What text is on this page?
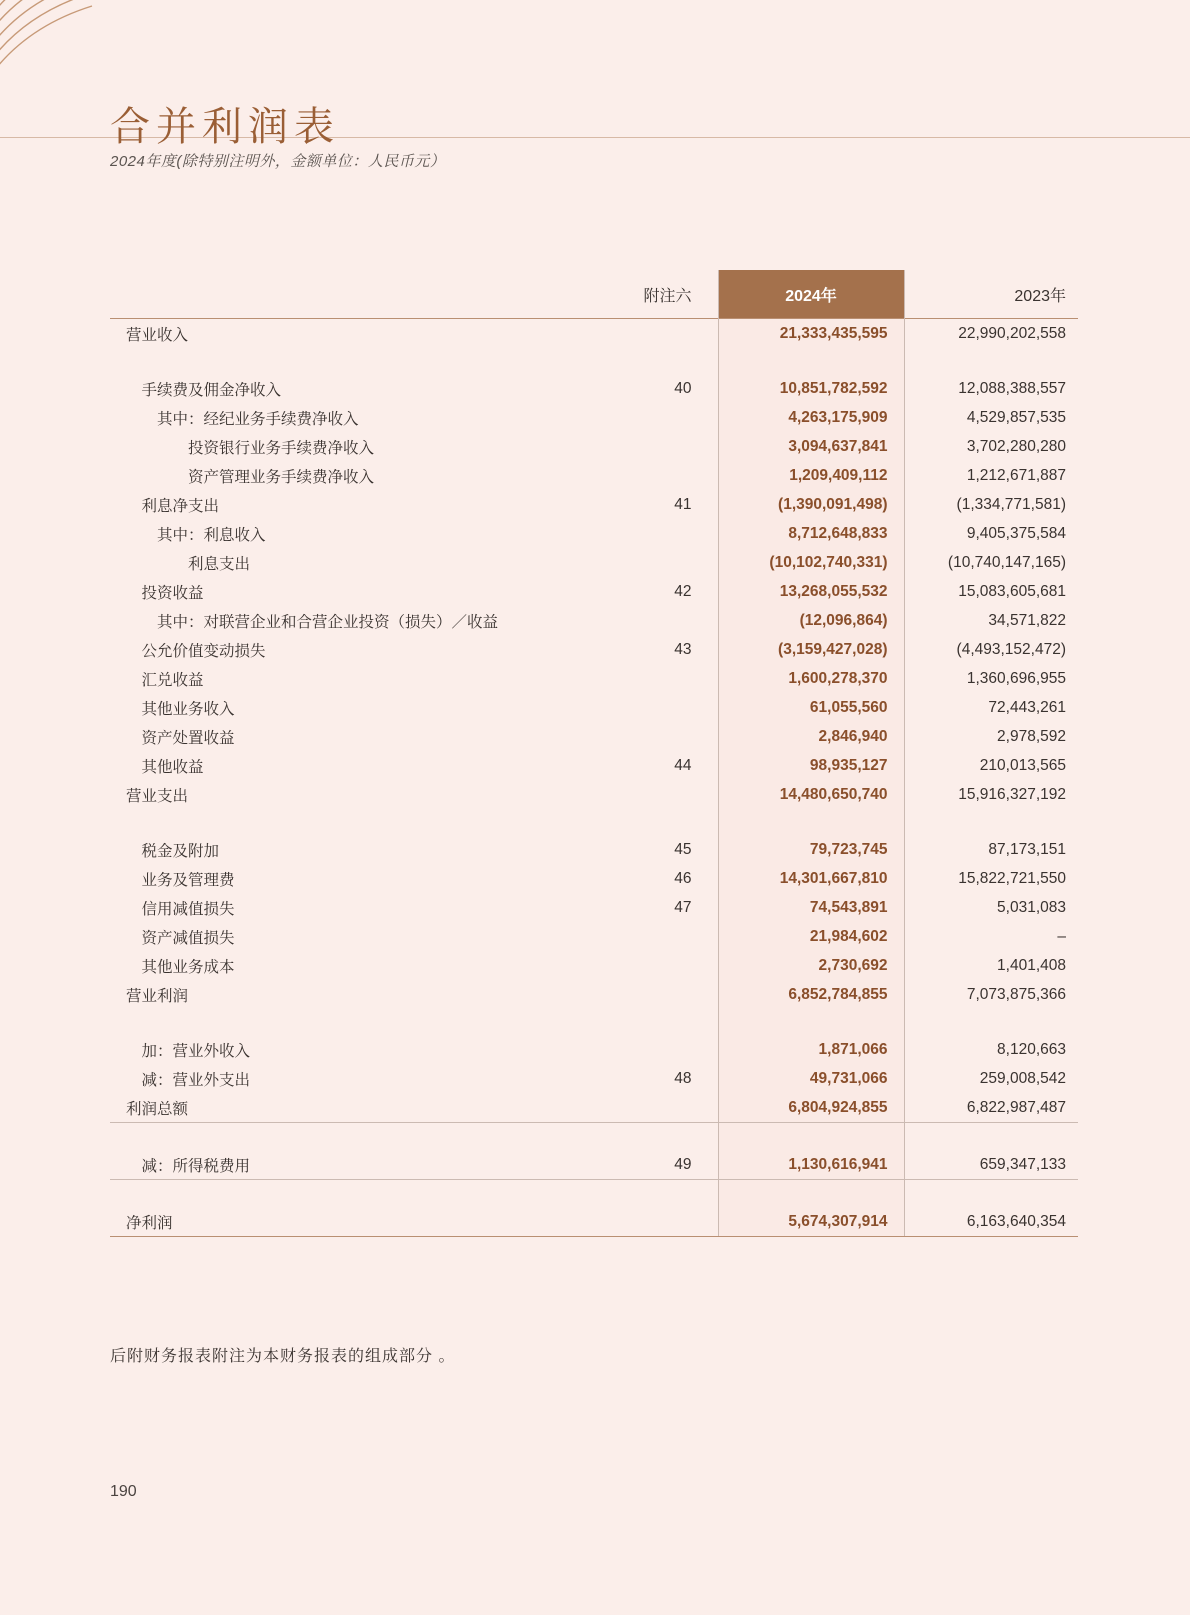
合并利润表
2024年度(除特别注明外，金额单位：人民币元）
	附注六	2024年	2023年
营业收入		21,333,435,595	22,990,202,558

　手续费及佣金净收入	40	10,851,782,592	12,088,388,557
　　其中：经纪业务手续费净收入		4,263,175,909	4,529,857,535
　　　　投资银行业务手续费净收入		3,094,637,841	3,702,280,280
　　　　资产管理业务手续费净收入		1,209,409,112	1,212,671,887
　利息净支出	41	(1,390,091,498)	(1,334,771,581)
　　其中：利息收入		8,712,648,833	9,405,375,584
　　　　利息支出		(10,102,740,331)	(10,740,147,165)
　投资收益	42	13,268,055,532	15,083,605,681
　　其中：对联营企业和合营企业投资（损失）／收益		(12,096,864)	34,571,822
　公允价值变动损失	43	(3,159,427,028)	(4,493,152,472)
　汇兑收益		1,600,278,370	1,360,696,955
　其他业务收入		61,055,560	72,443,261
　资产处置收益		2,846,940	2,978,592
　其他收益	44	98,935,127	210,013,565
营业支出		14,480,650,740	15,916,327,192

　税金及附加	45	79,723,745	87,173,151
　业务及管理费	46	14,301,667,810	15,822,721,550
　信用减值损失	47	74,543,891	5,031,083
　资产减值损失		21,984,602	–
　其他业务成本		2,730,692	1,401,408
营业利润		6,852,784,855	7,073,875,366

　加：营业外收入		1,871,066	8,120,663
　减：营业外支出	48	49,731,066	259,008,542
利润总额		6,804,924,855	6,822,987,487

　减：所得税费用	49	1,130,616,941	659,347,133

净利润		5,674,307,914	6,163,640,354
后附财务报表附注为本财务报表的组成部分 。
190
